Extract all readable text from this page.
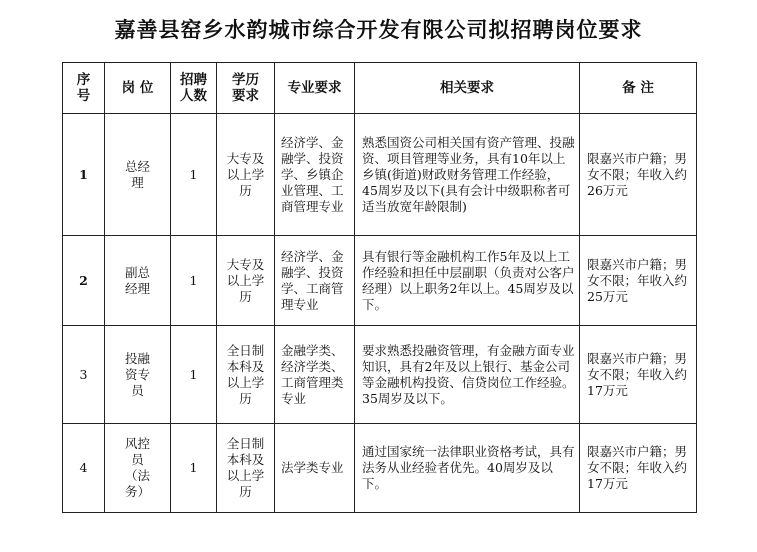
嘉善县窑乡水韵城市综合开发有限公司拟招聘岗位要求
序号	岗 位	招聘人数	学历要求	专业要求	相关要求	备 注
1	总经理	1	大专及以上学历	经济学、金融学、投资学、乡镇企业管理、工商管理专业	熟悉国资公司相关国有资产管理、投融资、项目管理等业务，具有10年以上乡镇(街道)财政财务管理工作经验，45周岁及以下(具有会计中级职称者可适当放宽年龄限制)	限嘉兴市户籍；男女不限；年收入约26万元
2	副总经理	1	大专及以上学历	经济学、金融学、投资学、工商管理专业	具有银行等金融机构工作5年及以上工作经验和担任中层副职（负责对公客户经理）以上职务2年以上。45周岁及以下。	限嘉兴市户籍；男女不限；年收入约25万元
3	投融资专员	1	全日制本科及以上学历	金融学类、经济学类、工商管理类专业	要求熟悉投融资管理，有金融方面专业知识，具有2年及以上银行、基金公司等金融机构投资、信贷岗位工作经验。35周岁及以下。	限嘉兴市户籍；男女不限；年收入约17万元
4	风控员（法务）	1	全日制本科及以上学历	法学类专业	通过国家统一法律职业资格考试，具有法务从业经验者优先。40周岁及以下。	限嘉兴市户籍；男女不限；年收入约17万元
